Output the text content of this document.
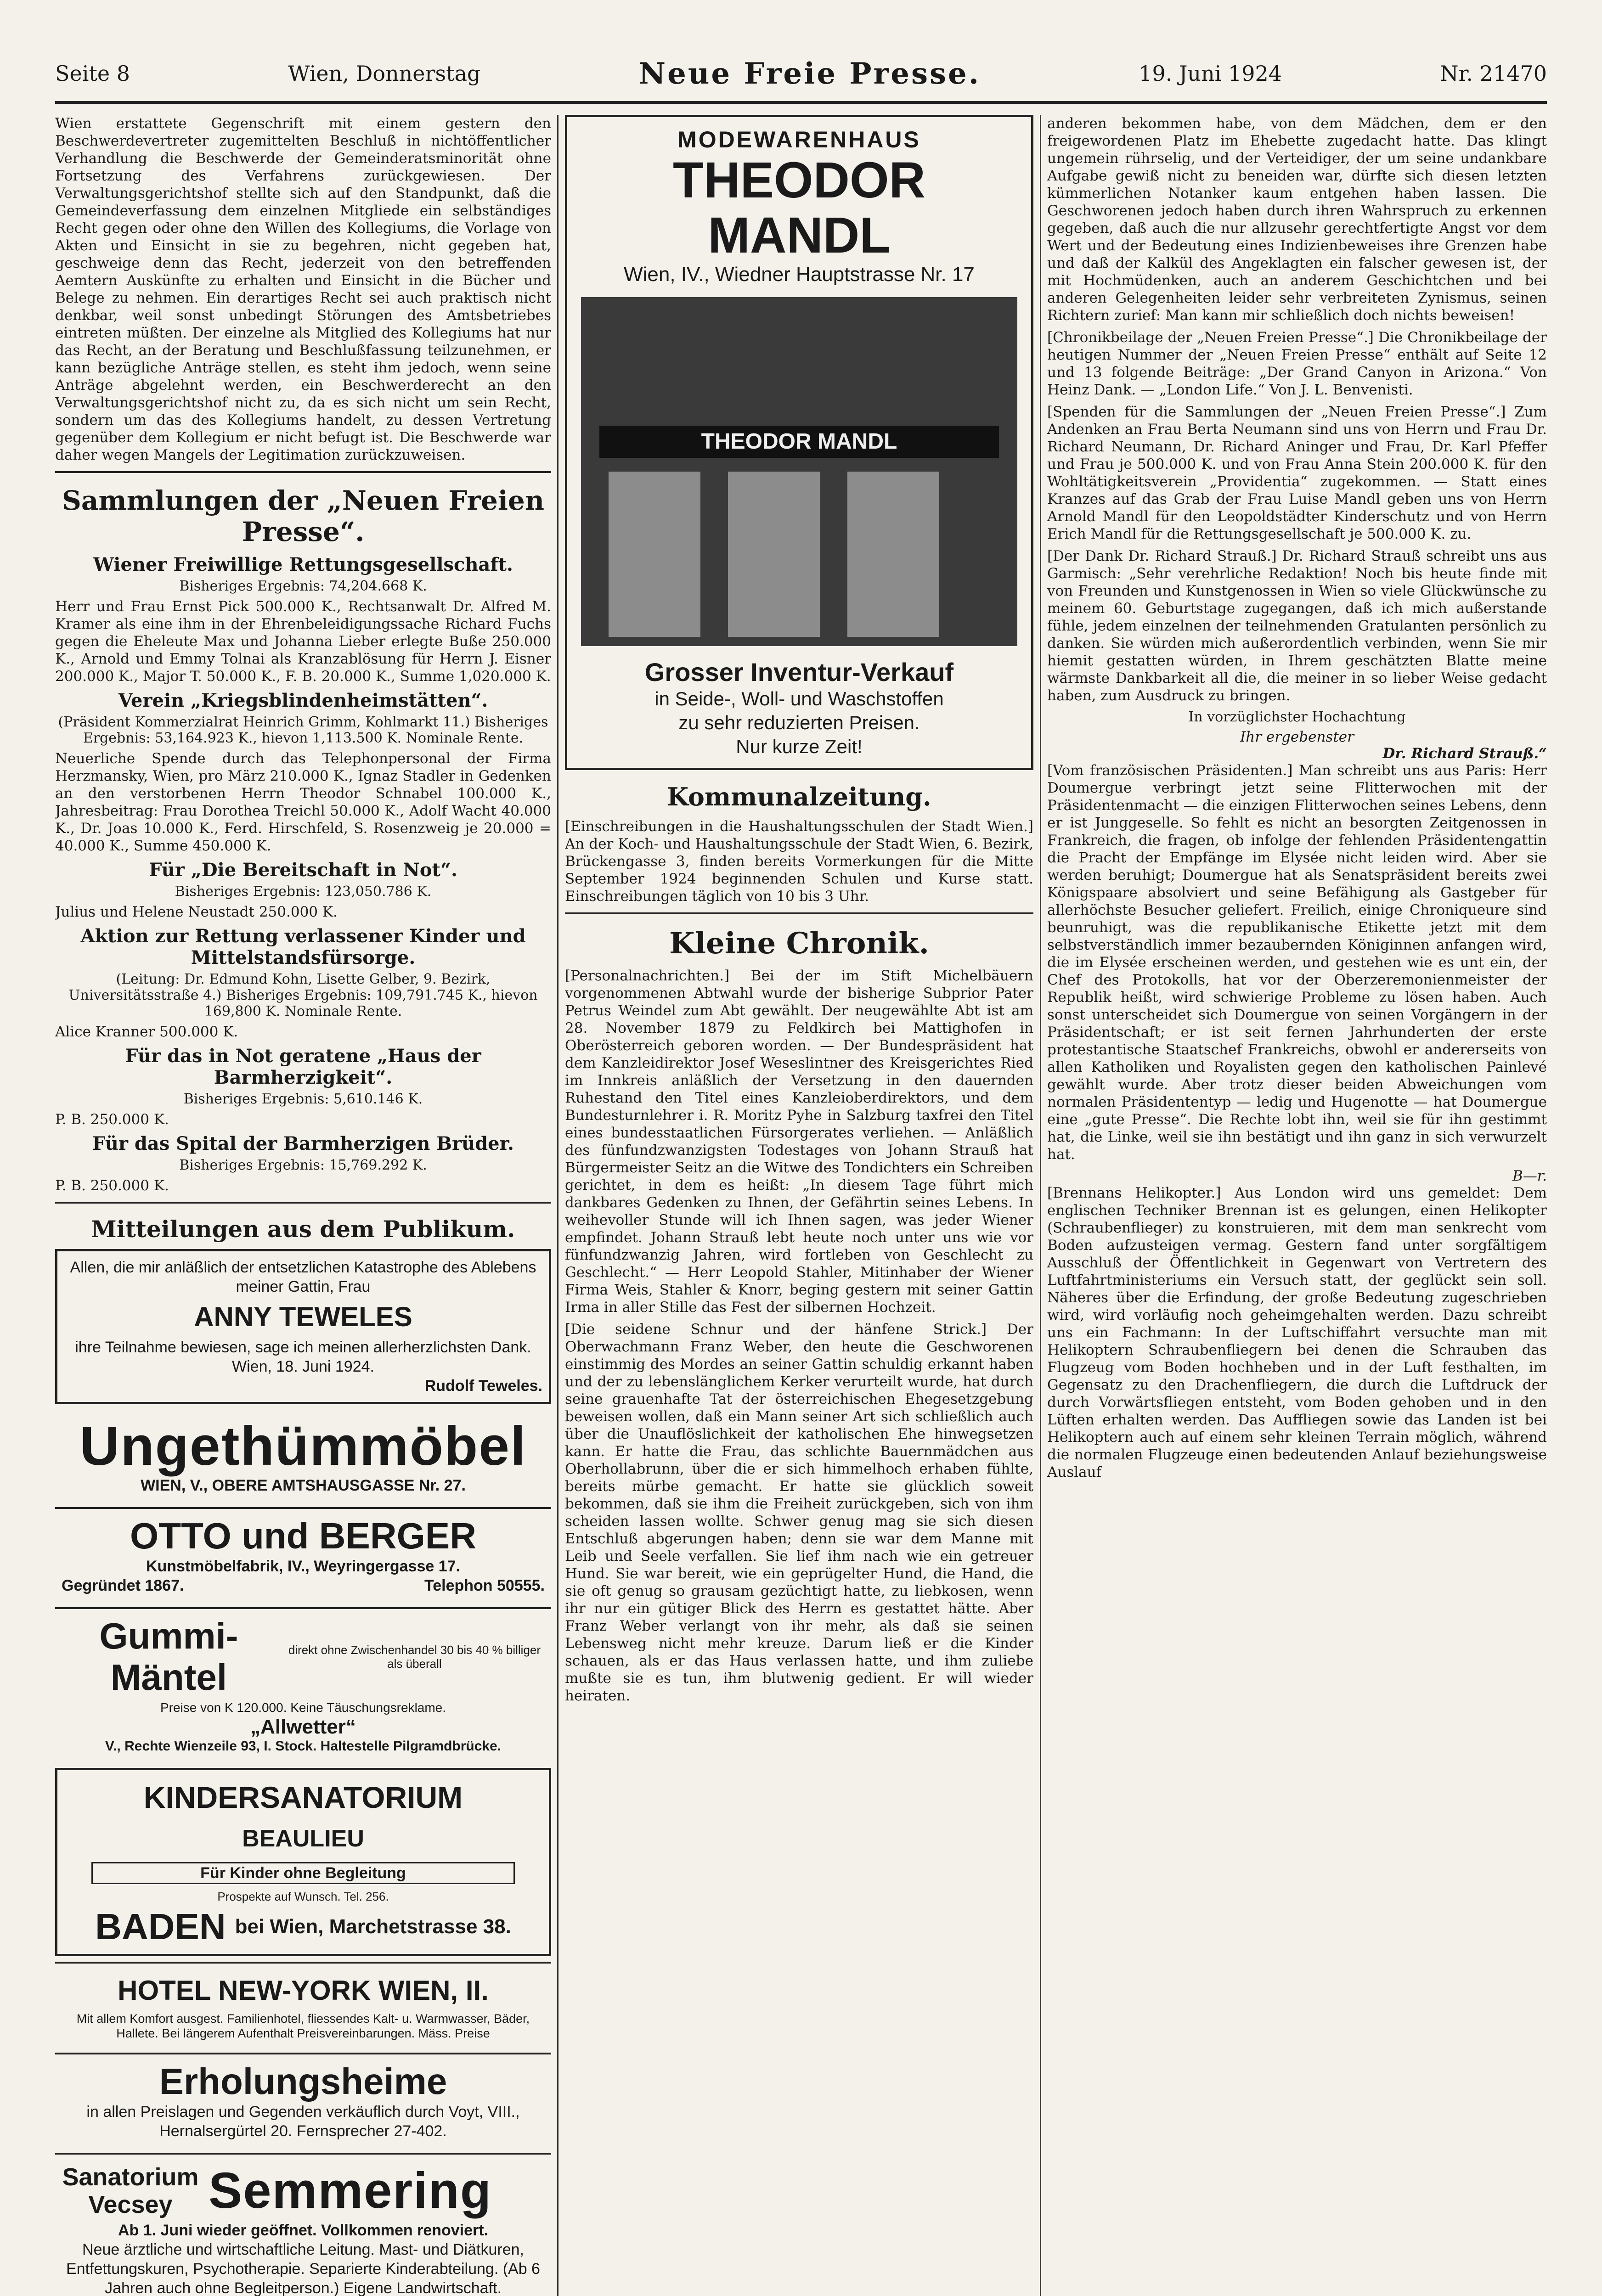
Seite 8	Wien, Donnerstag	Neue Freie Presse.	19. Juni 1924	Nr. 21470

Wien erstattete Gegenschrift mit einem gestern den Beschwerdevertreter zugemittelten Beschluß in nichtöffentlicher Verhandlung die Beschwerde der Gemeinderatsminorität ohne Fortsetzung des Verfahrens zurückgewiesen. Der Verwaltungsgerichtshof stellte sich auf den Standpunkt, daß die Gemeindeverfassung dem einzelnen Mitgliede ein selbständiges Recht gegen oder ohne den Willen des Kollegiums, die Vorlage von Akten und Einsicht in sie zu begehren, nicht gegeben hat, geschweige denn das Recht, jederzeit von den betreffenden Aemtern Auskünfte zu erhalten und Einsicht in die Bücher und Belege zu nehmen. Ein derartiges Recht sei auch praktisch nicht denkbar, weil sonst unbedingt Störungen des Amtsbetriebes eintreten müßten. Der einzelne als Mitglied des Kollegiums hat nur das Recht, an der Beratung und Beschlußfassung teilzunehmen, er kann bezügliche Anträge stellen, es steht ihm jedoch, wenn seine Anträge abgelehnt werden, ein Beschwerderecht an den Verwaltungsgerichtshof nicht zu, da es sich nicht um sein Recht, sondern um das des Kollegiums handelt, zu dessen Vertretung gegenüber dem Kollegium er nicht befugt ist. Die Beschwerde war daher wegen Mangels der Legitimation zurückzuweisen.

Sammlungen der „Neuen Freien Presse“.
Wiener Freiwillige Rettungsgesellschaft.
Bisheriges Ergebnis: 74,204.668 K.

Herr und Frau Ernst Pick 500.000 K., Rechtsanwalt Dr. Alfred M. Kramer als eine ihm in der Ehrenbeleidigungssache Richard Fuchs gegen die Eheleute Max und Johanna Lieber erlegte Buße 250.000 K., Arnold und Emmy Tolnai als Kranzablösung für Herrn J. Eisner 200.000 K., Major T. 50.000 K., F. B. 20.000 K., Summe 1,020.000 K.

Verein „Kriegsblindenheimstätten“.
(Präsident Kommerzialrat Heinrich Grimm, Kohlmarkt 11.) Bisheriges Ergebnis: 53,164.923 K., hievon 1,113.500 K. Nominale Rente.

Neuerliche Spende durch das Telephonpersonal der Firma Herzmansky, Wien, pro März 210.000 K., Ignaz Stadler in Gedenken an den verstorbenen Herrn Theodor Schnabel 100.000 K., Jahresbeitrag: Frau Dorothea Treichl 50.000 K., Adolf Wacht 40.000 K., Dr. Joas 10.000 K., Ferd. Hirschfeld, S. Rosenzweig je 20.000 = 40.000 K., Summe 450.000 K.

Für „Die Bereitschaft in Not“.
Bisheriges Ergebnis: 123,050.786 K.

Julius und Helene Neustadt 250.000 K.

Aktion zur Rettung verlassener Kinder und Mittelstandsfürsorge.
(Leitung: Dr. Edmund Kohn, Lisette Gelber, 9. Bezirk, Universitätsstraße 4.) Bisheriges Ergebnis: 109,791.745 K., hievon 169,800 K. Nominale Rente.

Alice Kranner 500.000 K.

Für das in Not geratene „Haus der Barmherzigkeit“.
Bisheriges Ergebnis: 5,610.146 K.

P. B. 250.000 K.

Für das Spital der Barmherzigen Brüder.
Bisheriges Ergebnis: 15,769.292 K.

P. B. 250.000 K.

Mitteilungen aus dem Publikum.
Allen, die mir anläßlich der entsetzlichen Katastrophe des Ablebens meiner Gattin, Frau
ANNY TEWELES
ihre Teilnahme bewiesen, sage ich meinen allerherzlichsten Dank.
Wien, 18. Juni 1924.
Rudolf Teweles.
Ungethümmöbel
WIEN, V., OBERE AMTSHAUSGASSE Nr. 27.
OTTO und BERGER
Kunstmöbelfabrik, IV., Weyringergasse 17.
Gegründet 1867.	Telephon 50555.
Gummi-Mäntel
direkt ohne Zwischenhandel 30 bis 40 % billiger als überall
Preise von K 120.000. Keine Täuschungsreklame.
„Allwetter“
V., Rechte Wienzeile 93, I. Stock. Haltestelle Pilgramdbrücke.
KINDERSANATORIUM
BEAULIEU
Für Kinder ohne Begleitung
Prospekte auf Wunsch. Tel. 256.
BADEN bei Wien, Marchetstrasse 38.
HOTEL NEW-YORK WIEN, II.
Mit allem Komfort ausgest. Familienhotel, fliessendes Kalt- u. Warmwasser, Bäder, Hallete. Bei längerem Aufenthalt Preisvereinbarungen. Mäss. Preise
Erholungsheime
in allen Preislagen und Gegenden verkäuflich durch Voyt, VIII., Hernalsergürtel 20. Fernsprecher 27-402.
Sanatorium Vecsey Semmering
Ab 1. Juni wieder geöffnet. Vollkommen renoviert.
Neue ärztliche und wirtschaftliche Leitung. Mast- und Diätkuren, Entfettungskuren, Psychotherapie. Separierte Kinderabteilung. (Ab 6 Jahren auch ohne Begleitperson.) Eigene Landwirtschaft.
MODEWARENHAUS
THEODOR MANDL
Wien, IV., Wiedner Hauptstrasse Nr. 17
THEODOR MANDL
Grosser Inventur-Verkauf
in Seide-, Woll- und Waschstoffen
zu sehr reduzierten Preisen.
Nur kurze Zeit!
Kommunalzeitung.

[Einschreibungen in die Haushaltungsschulen der Stadt Wien.] An der Koch- und Haushaltungsschule der Stadt Wien, 6. Bezirk, Brückengasse 3, finden bereits Vormerkungen für die Mitte September 1924 beginnenden Schulen und Kurse statt. Einschreibungen täglich von 10 bis 3 Uhr.

Kleine Chronik.

[Personalnachrichten.] Bei der im Stift Michelbäuern vorgenommenen Abtwahl wurde der bisherige Subprior Pater Petrus Weindel zum Abt gewählt. Der neugewählte Abt ist am 28. November 1879 zu Feldkirch bei Mattighofen in Oberösterreich geboren worden. — Der Bundespräsident hat dem Kanzleidirektor Josef Weseslintner des Kreisgerichtes Ried im Innkreis anläßlich der Versetzung in den dauernden Ruhestand den Titel eines Kanzleioberdirektors, und dem Bundesturnlehrer i. R. Moritz Pyhe in Salzburg taxfrei den Titel eines bundesstaatlichen Fürsorgerates verliehen. — Anläßlich des fünfundzwanzigsten Todestages von Johann Strauß hat Bürgermeister Seitz an die Witwe des Tondichters ein Schreiben gerichtet, in dem es heißt: „In diesem Tage führt mich dankbares Gedenken zu Ihnen, der Gefährtin seines Lebens. In weihevoller Stunde will ich Ihnen sagen, was jeder Wiener empfindet. Johann Strauß lebt heute noch unter uns wie vor fünfundzwanzig Jahren, wird fortleben von Geschlecht zu Geschlecht.“ — Herr Leopold Stahler, Mitinhaber der Wiener Firma Weis, Stahler & Knorr, beging gestern mit seiner Gattin Irma in aller Stille das Fest der silbernen Hochzeit.

[Die seidene Schnur und der hänfene Strick.] Der Oberwachmann Franz Weber, den heute die Geschworenen einstimmig des Mordes an seiner Gattin schuldig erkannt haben und der zu lebenslänglichem Kerker verurteilt wurde, hat durch seine grauenhafte Tat der österreichischen Ehegesetzgebung beweisen wollen, daß ein Mann seiner Art sich schließlich auch über die Unauflöslichkeit der katholischen Ehe hinwegsetzen kann. Er hatte die Frau, das schlichte Bauernmädchen aus Oberhollabrunn, über die er sich himmelhoch erhaben fühlte, bereits mürbe gemacht. Er hatte sie glücklich soweit bekommen, daß sie ihm die Freiheit zurückgeben, sich von ihm scheiden lassen wollte. Schwer genug mag sie sich diesen Entschluß abgerungen haben; denn sie war dem Manne mit Leib und Seele verfallen. Sie lief ihm nach wie ein getreuer Hund. Sie war bereit, wie ein geprügelter Hund, die Hand, die sie oft genug so grausam gezüchtigt hatte, zu liebkosen, wenn ihr nur ein gütiger Blick des Herrn es gestattet hätte. Aber Franz Weber verlangt von ihr mehr, als daß sie seinen Lebensweg nicht mehr kreuze. Darum ließ er die Kinder schauen, als er das Haus verlassen hatte, und ihm zuliebe mußte sie es tun, ihm blutwenig gedient. Er will wieder heiraten.

anderen bekommen habe, von dem Mädchen, dem er den freigewordenen Platz im Ehebette zugedacht hatte. Das klingt ungemein rührselig, und der Verteidiger, der um seine undankbare Aufgabe gewiß nicht zu beneiden war, dürfte sich diesen letzten kümmerlichen Notanker kaum entgehen haben lassen. Die Geschworenen jedoch haben durch ihren Wahrspruch zu erkennen gegeben, daß auch die nur allzusehr gerechtfertigte Angst vor dem Wert und der Bedeutung eines Indizienbeweises ihre Grenzen habe und daß der Kalkül des Angeklagten ein falscher gewesen ist, der mit Hochmüdenken, auch an anderem Geschichtchen und bei anderen Gelegenheiten leider sehr verbreiteten Zynismus, seinen Richtern zurief: Man kann mir schließlich doch nichts beweisen!

[Chronikbeilage der „Neuen Freien Presse“.] Die Chronikbeilage der heutigen Nummer der „Neuen Freien Presse“ enthält auf Seite 12 und 13 folgende Beiträge: „Der Grand Canyon in Arizona.“ Von Heinz Dank. — „London Life.“ Von J. L. Benvenisti.

[Spenden für die Sammlungen der „Neuen Freien Presse“.] Zum Andenken an Frau Berta Neumann sind uns von Herrn und Frau Dr. Richard Neumann, Dr. Richard Aninger und Frau, Dr. Karl Pfeffer und Frau je 500.000 K. und von Frau Anna Stein 200.000 K. für den Wohltätigkeitsverein „Providentia“ zugekommen. — Statt eines Kranzes auf das Grab der Frau Luise Mandl geben uns von Herrn Arnold Mandl für den Leopoldstädter Kinderschutz und von Herrn Erich Mandl für die Rettungsgesellschaft je 500.000 K. zu.

[Der Dank Dr. Richard Strauß.] Dr. Richard Strauß schreibt uns aus Garmisch: „Sehr verehrliche Redaktion! Noch bis heute finde mit von Freunden und Kunstgenossen in Wien so viele Glückwünsche zu meinem 60. Geburtstage zugegangen, daß ich mich außerstande fühle, jedem einzelnen der teilnehmenden Gratulanten persönlich zu danken. Sie würden mich außerordentlich verbinden, wenn Sie mir hiemit gestatten würden, in Ihrem geschätzten Blatte meine wärmste Dankbarkeit all die, die meiner in so lieber Weise gedacht haben, zum Ausdruck zu bringen.

In vorzüglichster Hochachtung
Ihr ergebenster
Dr. Richard Strauß.“

[Vom französischen Präsidenten.] Man schreibt uns aus Paris: Herr Doumergue verbringt jetzt seine Flitterwochen mit der Präsidentenmacht — die einzigen Flitterwochen seines Lebens, denn er ist Junggeselle. So fehlt es nicht an besorgten Zeitgenossen in Frankreich, die fragen, ob infolge der fehlenden Präsidentengattin die Pracht der Empfänge im Elysée nicht leiden wird. Aber sie werden beruhigt; Doumergue hat als Senatspräsident bereits zwei Königspaare absolviert und seine Befähigung als Gastgeber für allerhöchste Besucher geliefert. Freilich, einige Chroniqueure sind beunruhigt, was die republikanische Etikette jetzt mit dem selbstverständlich immer bezaubernden Königinnen anfangen wird, die im Elysée erscheinen werden, und gestehen wie es unt ein, der Chef des Protokolls, hat vor der Oberzeremonienmeister der Republik heißt, wird schwierige Probleme zu lösen haben. Auch sonst unterscheidet sich Doumergue von seinen Vorgängern in der Präsidentschaft; er ist seit fernen Jahrhunderten der erste protestantische Staatschef Frankreichs, obwohl er andererseits von allen Katholiken und Royalisten gegen den katholischen Painlevé gewählt wurde. Aber trotz dieser beiden Abweichungen vom normalen Präsidententyp — ledig und Hugenotte — hat Doumergue eine „gute Presse“. Die Rechte lobt ihn, weil sie für ihn gestimmt hat, die Linke, weil sie ihn bestätigt und ihn ganz in sich verwurzelt hat.

B—r.

[Brennans Helikopter.] Aus London wird uns gemeldet: Dem englischen Techniker Brennan ist es gelungen, einen Helikopter (Schraubenflieger) zu konstruieren, mit dem man senkrecht vom Boden aufzusteigen vermag. Gestern fand unter sorgfältigem Ausschluß der Öffentlichkeit in Gegenwart von Vertretern des Luftfahrtministeriums ein Versuch statt, der geglückt sein soll. Näheres über die Erfindung, der große Bedeutung zugeschrieben wird, wird vorläufig noch geheimgehalten werden. Dazu schreibt uns ein Fachmann: In der Luftschiffahrt versuchte man mit Helikoptern Schraubenfliegern bei denen die Schrauben das Flugzeug vom Boden hochheben und in der Luft festhalten, im Gegensatz zu den Drachenfliegern, die durch die Luftdruck der durch Vorwärtsfliegen entsteht, vom Boden gehoben und in den Lüften erhalten werden. Das Auffliegen sowie das Landen ist bei Helikoptern auch auf einem sehr kleinen Terrain möglich, während die normalen Flugzeuge einen bedeutenden Anlauf beziehungsweise Auslauf
